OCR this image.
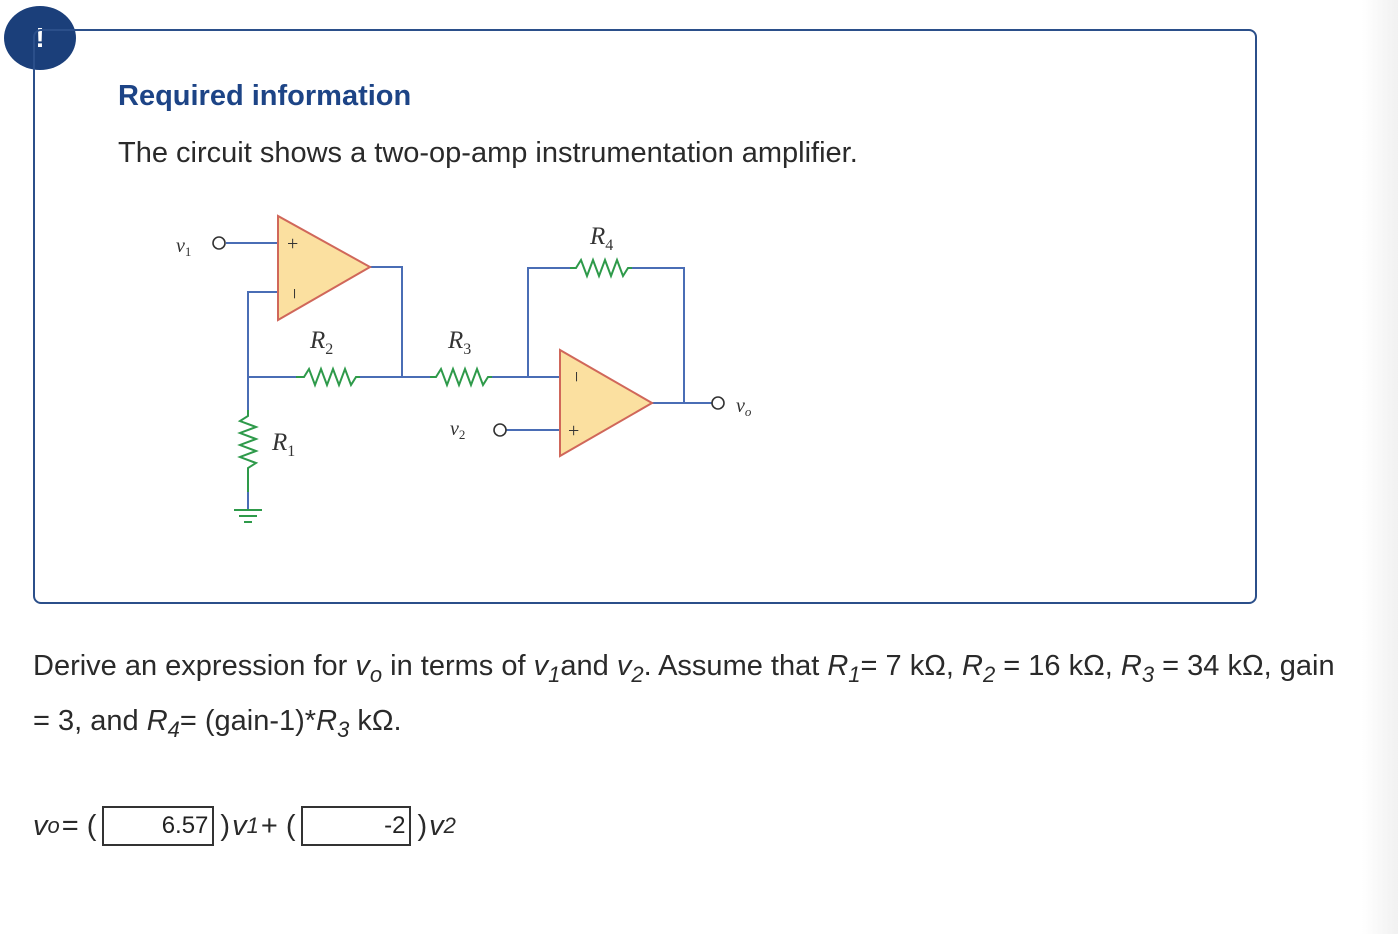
!
Required information
The circuit shows a two-op-amp instrumentation amplifier.
+
−
−
+
$v_1$
$v_2$
$v_o$
$R_2$	$R_3$
$R_4$
$R_1$
Derive an expression for $v_o$ in terms of $v_1and$ $v_2$. Assume that $R_1= 7$ kΩ, $R_2 = 16$ kΩ, $R_3 = 34$ kΩ, gain = 3, and $R_4=$ $(gain-1)*R_3$ kΩ.
v o = (	6.57 ) v 1 + (	-2 ) v 2
